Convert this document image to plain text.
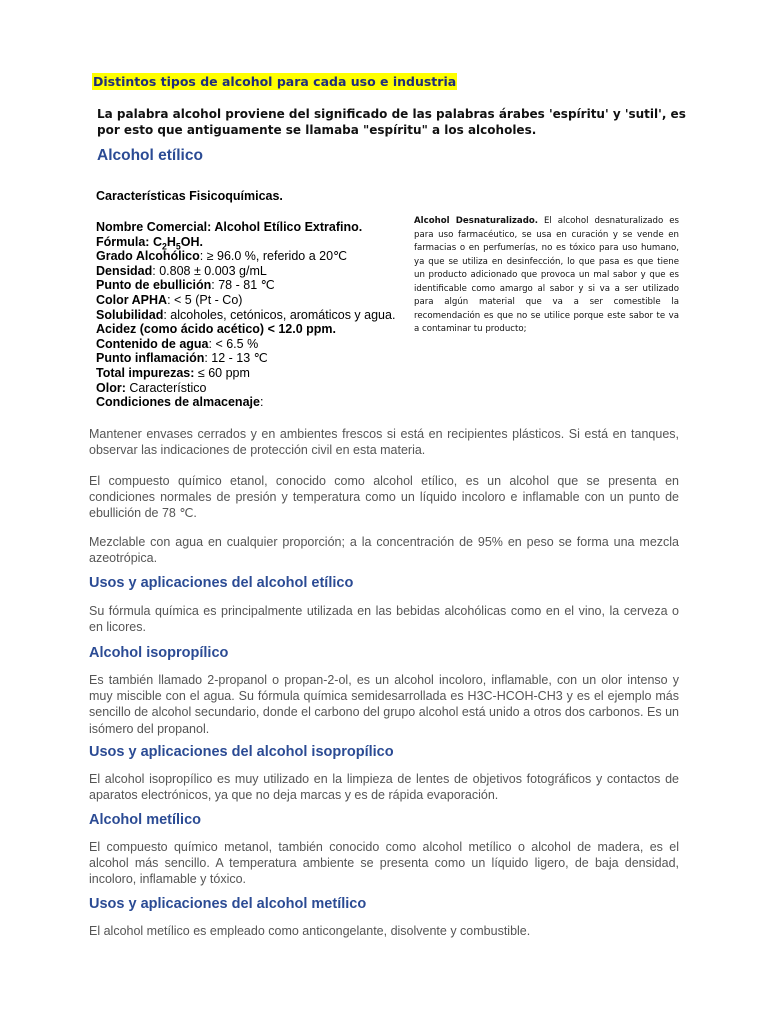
Distintos tipos de alcohol para cada uso e industria
La palabra alcohol proviene del significado de las palabras árabes 'espíritu' y 'sutil', es por esto que antiguamente se llamaba "espíritu" a los alcoholes.
Alcohol etílico
Características Fisicoquímicas.
Nombre Comercial: Alcohol Etílico Extrafino.
Fórmula: $C_2H_5OH$.
Grado Alcohólico: ≥ 96.0 %, referido a 20℃
Densidad: 0.808 ± 0.003 g/mL
Punto de ebullición: 78 - 81 ℃
Color APHA: < 5 (Pt - Co)
Solubilidad: alcoholes, cetónicos, aromáticos y agua.
Acidez (como ácido acético) < 12.0 ppm.
Contenido de agua: < 6.5 %
Punto inflamación: 12 - 13 ℃
Total impurezas: ≤ 60 ppm
Olor: Característico
Condiciones de almacenaje:
Alcohol Desnaturalizado. El alcohol desnaturalizado es para uso farmacéutico, se usa en curación y se vende en farmacias o en perfumerías, no es tóxico para uso humano, ya que se utiliza en desinfección, lo que pasa es que tiene un producto adicionado que provoca un mal sabor y que es identificable como amargo al sabor y si va a ser utilizado para algún material que va a ser comestible la recomendación es que no se utilice porque este sabor te va a contaminar tu producto;
Mantener envases cerrados y en ambientes frescos si está en recipientes plásticos. Si está en tanques, observar las indicaciones de protección civil en esta materia.
El compuesto químico etanol, conocido como alcohol etílico, es un alcohol que se presenta en condiciones normales de presión y temperatura como un líquido incoloro e inflamable con un punto de ebullición de 78 ℃.
Mezclable con agua en cualquier proporción; a la concentración de 95% en peso se forma una mezcla azeotrópica.
Usos y aplicaciones del alcohol etílico
Su fórmula química es principalmente utilizada en las bebidas alcohólicas como en el vino, la cerveza o en licores.
Alcohol isopropílico
Es también llamado 2-propanol o propan-2-ol, es un alcohol incoloro, inflamable, con un olor intenso y muy miscible con el agua. Su fórmula química semidesarrollada es H3C-HCOH-CH3 y es el ejemplo más sencillo de alcohol secundario, donde el carbono del grupo alcohol está unido a otros dos carbonos. Es un isómero del propanol.
Usos y aplicaciones del alcohol isopropílico
El alcohol isopropílico es muy utilizado en la limpieza de lentes de objetivos fotográficos y contactos de aparatos electrónicos, ya que no deja marcas y es de rápida evaporación.
Alcohol metílico
El compuesto químico metanol, también conocido como alcohol metílico o alcohol de madera, es el alcohol más sencillo. A temperatura ambiente se presenta como un líquido ligero, de baja densidad, incoloro, inflamable y tóxico.
Usos y aplicaciones del alcohol metílico
El alcohol metílico es empleado como anticongelante, disolvente y combustible.
